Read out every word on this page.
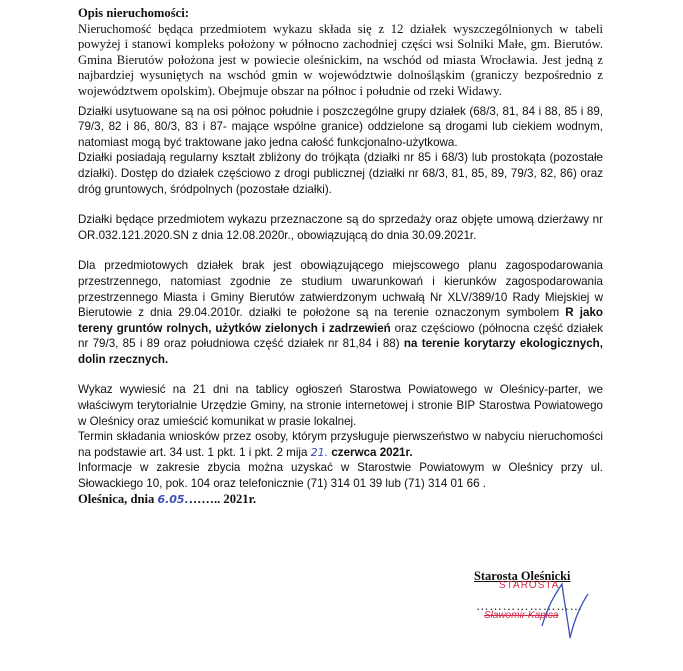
Opis nieruchomości:

Nieruchomość będąca przedmiotem wykazu składa się z 12 działek wyszczególnionych w tabeli powyżej i stanowi kompleks położony w północno zachodniej części wsi Solniki Małe, gm. Bierutów. Gmina Bierutów położona jest w powiecie oleśnickim, na wschód od miasta Wrocławia. Jest jedną z najbardziej wysuniętych na wschód gmin w województwie dolnośląskim (graniczy bezpośrednio z województwem opolskim). Obejmuje obszar na północ i południe od rzeki Widawy.

Działki usytuowane są na osi północ południe i poszczególne grupy działek (68/3, 81, 84 i 88, 85 i 89, 79/3, 82 i 86, 80/3, 83 i 87- mające wspólne granice) oddzielone są drogami lub ciekiem wodnym, natomiast mogą być traktowane jako jedna całość funkcjonalno-użytkowa.

Działki posiadają regularny kształt zbliżony do trójkąta (działki nr 85 i 68/3) lub prostokąta (pozostałe działki). Dostęp do działek częściowo z drogi publicznej (działki nr 68/3, 81, 85, 89, 79/3, 82, 86) oraz dróg gruntowych, śródpolnych (pozostałe działki).

Działki będące przedmiotem wykazu przeznaczone są do sprzedaży oraz objęte umową dzierżawy nr OR.032.121.2020.SN z dnia 12.08.2020r., obowiązującą do dnia 30.09.2021r.

Dla przedmiotowych działek brak jest obowiązującego miejscowego planu zagospodarowania przestrzennego, natomiast zgodnie ze studium uwarunkowań i kierunków zagospodarowania przestrzennego Miasta i Gminy Bierutów zatwierdzonym uchwałą Nr XLV/389/10 Rady Miejskiej w Bierutowie z dnia 29.04.2010r. działki te położone są na terenie oznaczonym symbolem R jako tereny gruntów rolnych, użytków zielonych i zadrzewień oraz częściowo (północna część działek nr 79/3, 85 i 89 oraz południowa część działek nr 81,84 i 88) na terenie korytarzy ekologicznych, dolin rzecznych.

Wykaz wywiesić na 21 dni na tablicy ogłoszeń Starostwa Powiatowego w Oleśnicy-parter, we właściwym terytorialnie Urzędzie Gminy, na stronie internetowej i stronie BIP Starostwa Powiatowego w Oleśnicy oraz umieścić komunikat w prasie lokalnej.

Termin składania wniosków przez osoby, którym przysługuje pierwszeństwo w nabyciu nieruchomości na podstawie art. 34 ust. 1 pkt. 1 i pkt. 2 mija 21. czerwca 2021r.

Informacje w zakresie zbycia można uzyskać w Starostwie Powiatowym w Oleśnicy przy ul. Słowackiego 10, pok. 104 oraz telefonicznie (71) 314 01 39 lub (71) 314 01 66 .

Oleśnica, dnia 6.05.…….. 2021r.

Starosta Oleśnicki
STAROSTA
……………………
Sławomir Kapica
